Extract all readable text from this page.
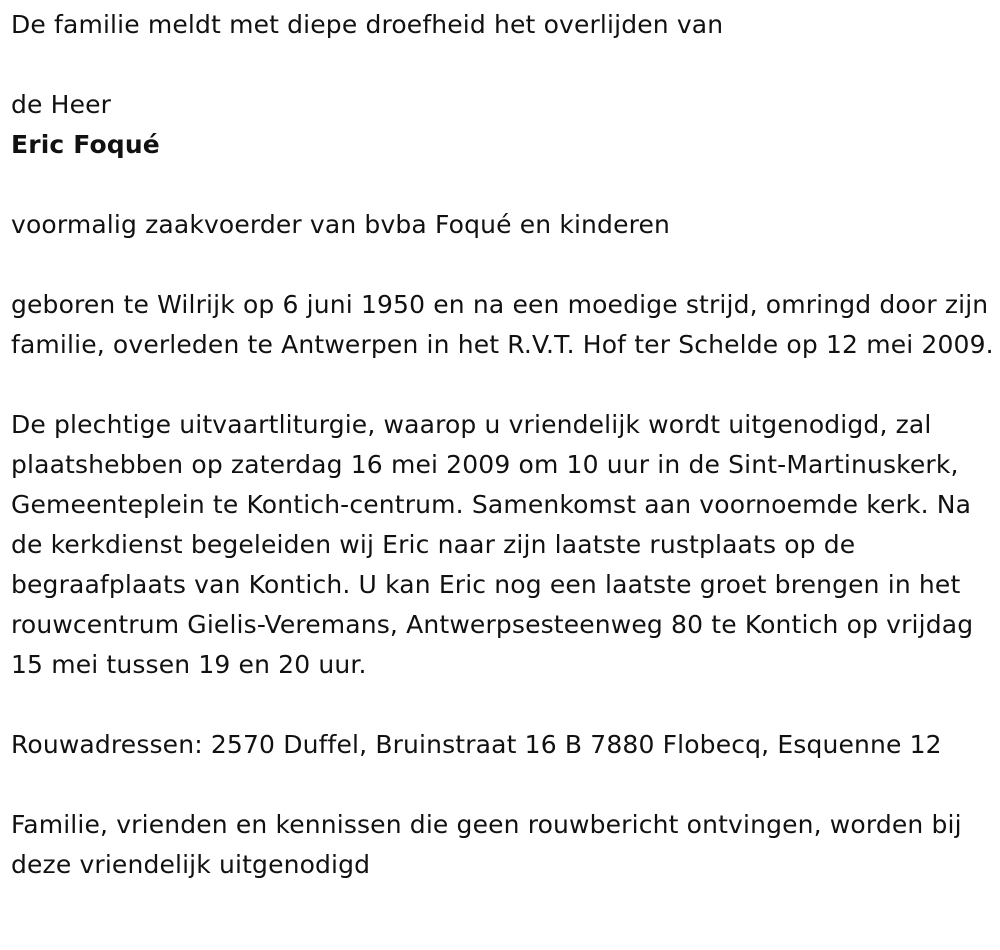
De familie meldt met diepe droefheid het overlijden van

de Heer

Eric Foqué

voormalig zaakvoerder van bvba Foqué en kinderen

geboren te Wilrijk op 6 juni 1950 en na een moedige strijd, omringd door zijn familie, overleden te Antwerpen in het R.V.T. Hof ter Schelde op 12 mei 2009.

De plechtige uitvaartliturgie, waarop u vriendelijk wordt uitgenodigd, zal plaatshebben op zaterdag 16 mei 2009 om 10 uur in de Sint-Martinuskerk, Gemeenteplein te Kontich-centrum. Samenkomst aan voornoemde kerk. Na de kerkdienst begeleiden wij Eric naar zijn laatste rustplaats op de begraafplaats van Kontich. U kan Eric nog een laatste groet brengen in het rouwcentrum Gielis-Veremans, Antwerpsesteenweg 80 te Kontich op vrijdag 15 mei tussen 19 en 20 uur.

Rouwadressen: 2570 Duffel, Bruinstraat 16 B 7880 Flobecq, Esquenne 12

Familie, vrienden en kennissen die geen rouwbericht ontvingen, worden bij deze vriendelijk uitgenodigd
